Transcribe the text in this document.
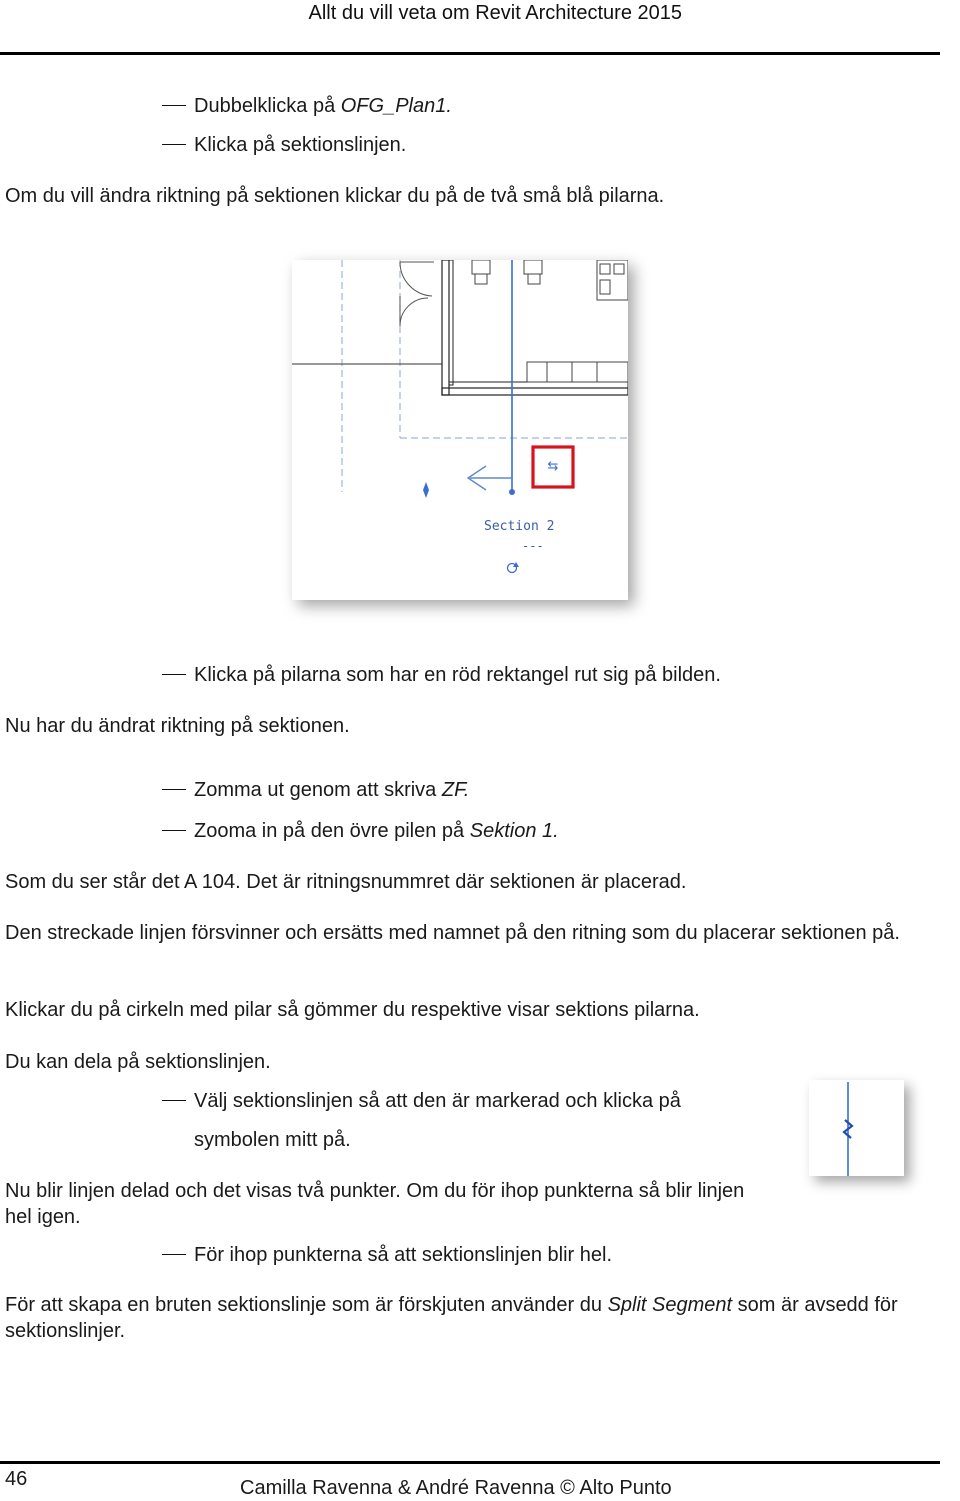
Allt du vill veta om Revit Architecture 2015
Dubbelklicka på OFG_Plan1.
Klicka på sektionslinjen.
Om du vill ändra riktning på sektionen klickar du på de två små blå pilarna.
⇆
Section 2
---
Klicka på pilarna som har en röd rektangel rut sig på bilden.
Nu har du ändrat riktning på sektionen.
Zomma ut genom att skriva ZF.
Zooma in på den övre pilen på Sektion 1.
Som du ser står det A 104. Det är ritningsnummret där sektionen är placerad.
Den streckade linjen försvinner och ersätts med namnet på den ritning som du placerar sektionen på.
Klickar du på cirkeln med pilar så gömmer du respektive visar sektions pilarna.
Du kan dela på sektionslinjen.
Välj sektionslinjen så att den är markerad och klicka på
symbolen mitt på.
Nu blir linjen delad och det visas två punkter. Om du för ihop punkterna så blir linjen hel igen.
För ihop punkterna så att sektionslinjen blir hel.
För att skapa en bruten sektionslinje som är förskjuten använder du Split Segment som är avsedd för sektionslinjer.
46	Camilla Ravenna & André Ravenna © Alto Punto
